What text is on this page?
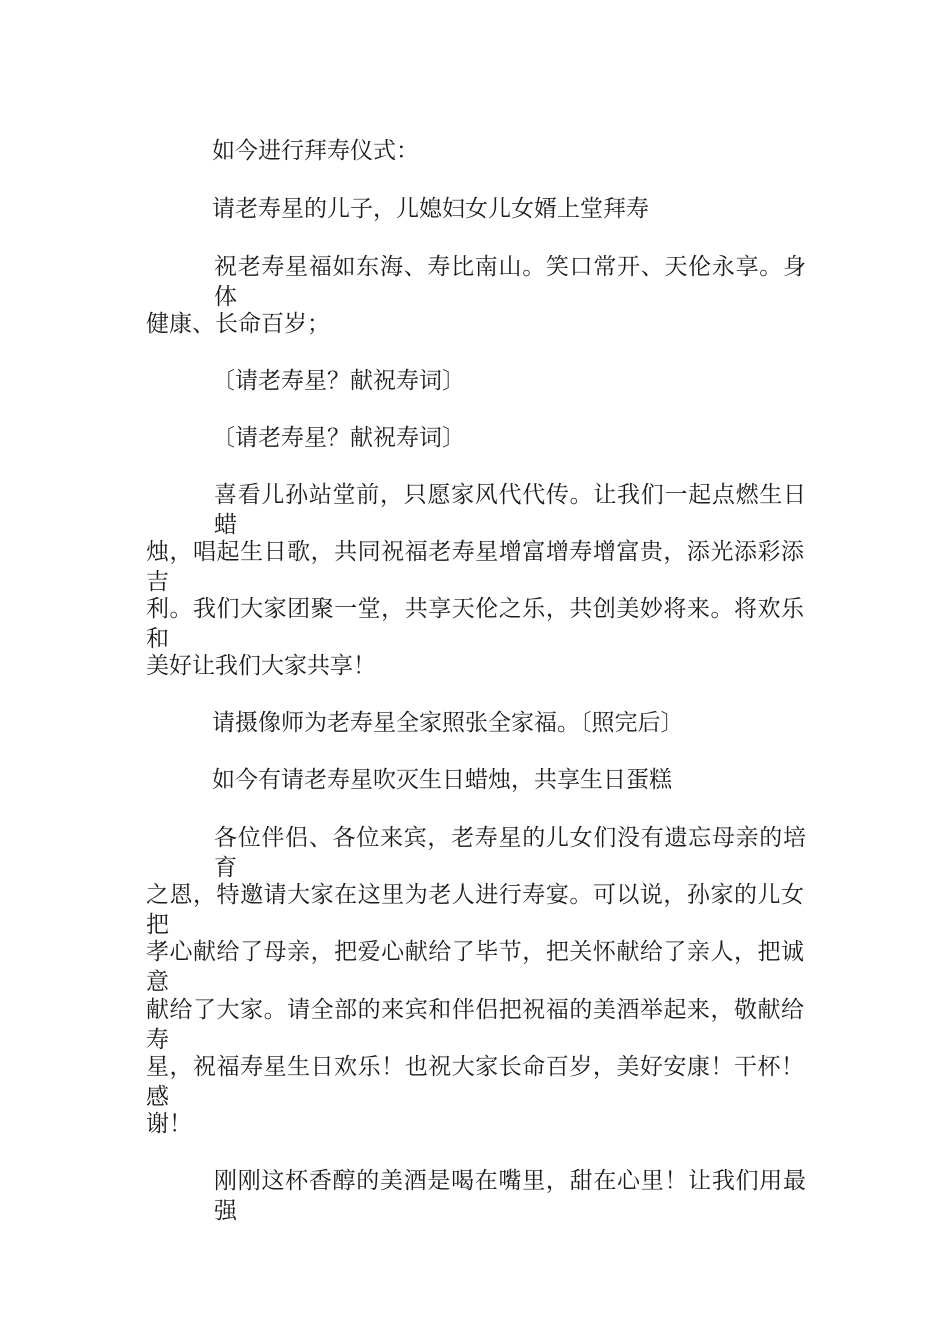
如今进行拜寿仪式：
请老寿星的儿子，儿媳妇女儿女婿上堂拜寿
祝老寿星福如东海、寿比南山。笑口常开、天伦永享。身体
健康、长命百岁；
〔请老寿星？献祝寿词〕
〔请老寿星？献祝寿词〕
喜看儿孙站堂前，只愿家风代代传。让我们一起点燃生日蜡
烛，唱起生日歌，共同祝福老寿星增富增寿增富贵，添光添彩添吉
利。我们大家团聚一堂，共享天伦之乐，共创美妙将来。将欢乐和
美好让我们大家共享！
请摄像师为老寿星全家照张全家福。〔照完后〕
如今有请老寿星吹灭生日蜡烛，共享生日蛋糕
各位伴侣、各位来宾，老寿星的儿女们没有遗忘母亲的培育
之恩，特邀请大家在这里为老人进行寿宴。可以说，孙家的儿女把
孝心献给了母亲，把爱心献给了毕节，把关怀献给了亲人，把诚意
献给了大家。请全部的来宾和伴侣把祝福的美酒举起来，敬献给寿
星，祝福寿星生日欢乐！也祝大家长命百岁，美好安康！干杯！感
谢！
刚刚这杯香醇的美酒是喝在嘴里，甜在心里！让我们用最强
